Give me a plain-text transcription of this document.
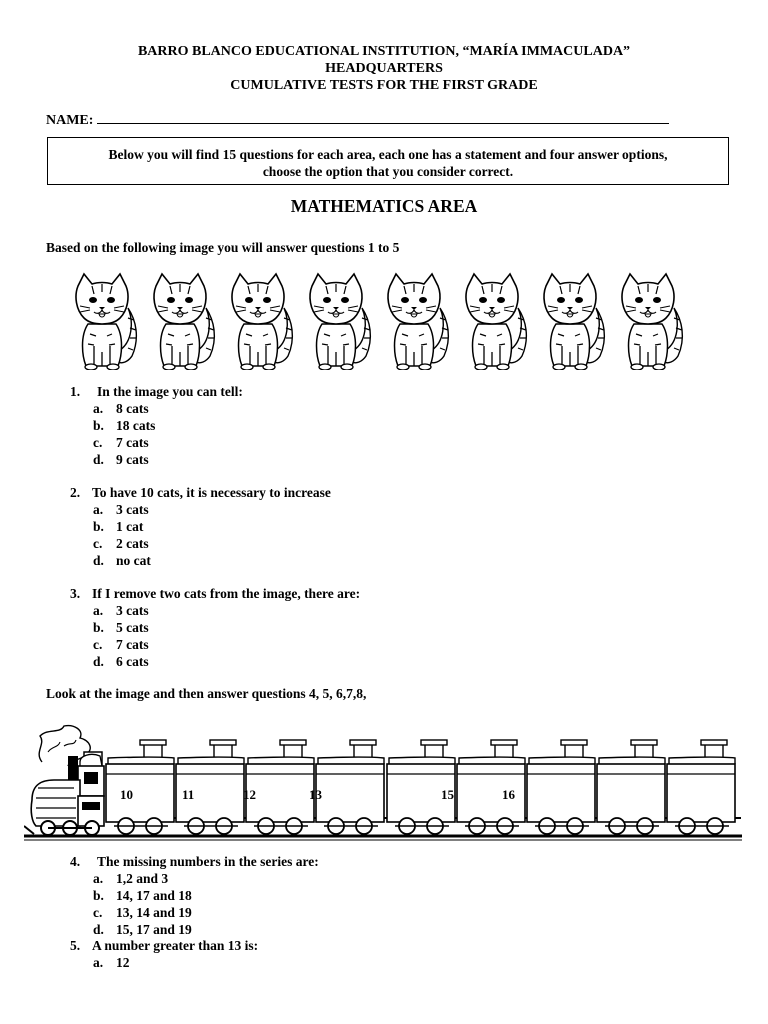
BARRO BLANCO EDUCATIONAL INSTITUTION, “MARÍA IMMACULADA”
HEADQUARTERS
CUMULATIVE TESTS FOR THE FIRST GRADE
NAME:
Below you will find 15 questions for each area, each one has a statement and four answer options,
choose the option that you consider correct.
MATHEMATICS AREA
Based on the following image you will answer questions 1 to 5
1. In the image you can tell:
a. 8 cats
b. 18 cats
c. 7 cats
d. 9 cats
2. To have 10 cats, it is necessary to increase
a. 3 cats
b. 1 cat
c. 2 cats
d. no cat
3. If I remove two cats from the image, there are:
a. 3 cats
b. 5 cats
c. 7 cats
d. 6 cats
Look at the image and then answer questions 4, 5, 6,7,8,
10	11	12	13	15	16
4. The missing numbers in the series are:
a. 1,2 and 3
b. 14, 17 and 18
c. 13, 14 and 19
d. 15, 17 and 19
5. A number greater than 13 is:
a. 12
